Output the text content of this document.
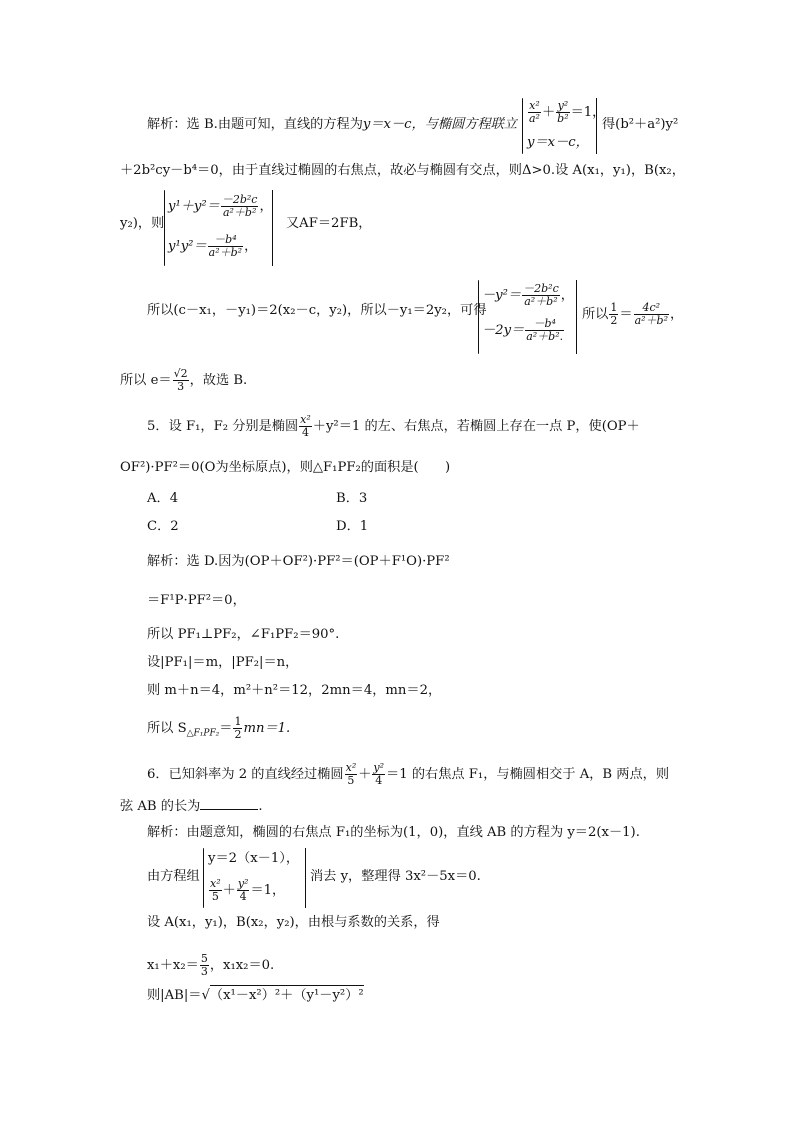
解析：选 B.由题可知，直线的方程为y＝x－c，与椭圆方程联立 $\frac{\text{x²}}{\text{a²}} + \frac{\text{y²}}{\text{b²}} =1$，
y＝x－c，
得(b²＋a²)y²
＋2b²cy－b⁴＝0，由于直线过椭圆的右焦点，故必与椭圆有交点，则Δ>0.设 A(x₁，y₁)，B(x₂，
y₂)，则
$y^1+y^2= \frac{\text{－2b²c}}{\text{a²＋b²}}$ ，
$y^1y^2= \frac{\text{－b⁴}}{\text{a²＋b²}}$ ，
又AF＝2FB，
所以(c－x₁，－y₁)＝2(x₂－c，y₂)，所以－y₁＝2y₂，可得
$-y^2= \frac{\text{－2b²c}}{\text{a²＋b²}}$ ，
$-2y= \frac{\text{－b⁴}}{\text{a²＋b².}}$
所以 $\frac{1}{2} = \frac{\text{4c²}}{\text{a²＋b²}}$ ，
所以 $e= \frac{√2}{3}$ ，故选 B.
5．设 F₁，F₂ 分别是椭圆 $\frac{\text{x²}}{4} +y^2=1$ 的左、右焦点，若椭圆上存在一点 P，使(OP＋
OF²)·PF²＝0(O为坐标原点)，则△F₁PF₂的面积是(　　)
A．4	B．3
C．2	D．1
解析：选 D.因为(OP＋OF²)·PF²＝(OP＋F¹O)·PF²
＝F¹P·PF²＝0，
所以 PF₁⊥PF₂，∠F₁PF₂＝90°.
设|PF₁|＝m，|PF₂|＝n，
则 m＋n＝4，m²＋n²＝12，2mn＝4，mn＝2，
所以 $S_{\triangle F_1PF_2}= \frac{1}{2} mn=1$.
6．已知斜率为 2 的直线经过椭圆 $\frac{\text{x²}}{5} + \frac{\text{y²}}{4} =1$ 的右焦点 F₁，与椭圆相交于 A，B 两点，则
弦 AB 的长为	.
解析：由题意知，椭圆的右焦点 F₁的坐标为(1，0)，直线 AB 的方程为 y＝2(x－1).
由方程组
y＝2（x－1），
$\frac{\text{x²}}{5} + \frac{\text{y²}}{4} =1$，
消去 y，整理得 3x²－5x＝0.
设 A(x₁，y₁)，B(x₂，y₂)，由根与系数的关系，得
$x_1+x_2= \frac{5}{3}$ ，x₁x₂＝0.
则|AB|＝√（x¹－x²）²＋（y¹－y²）²
